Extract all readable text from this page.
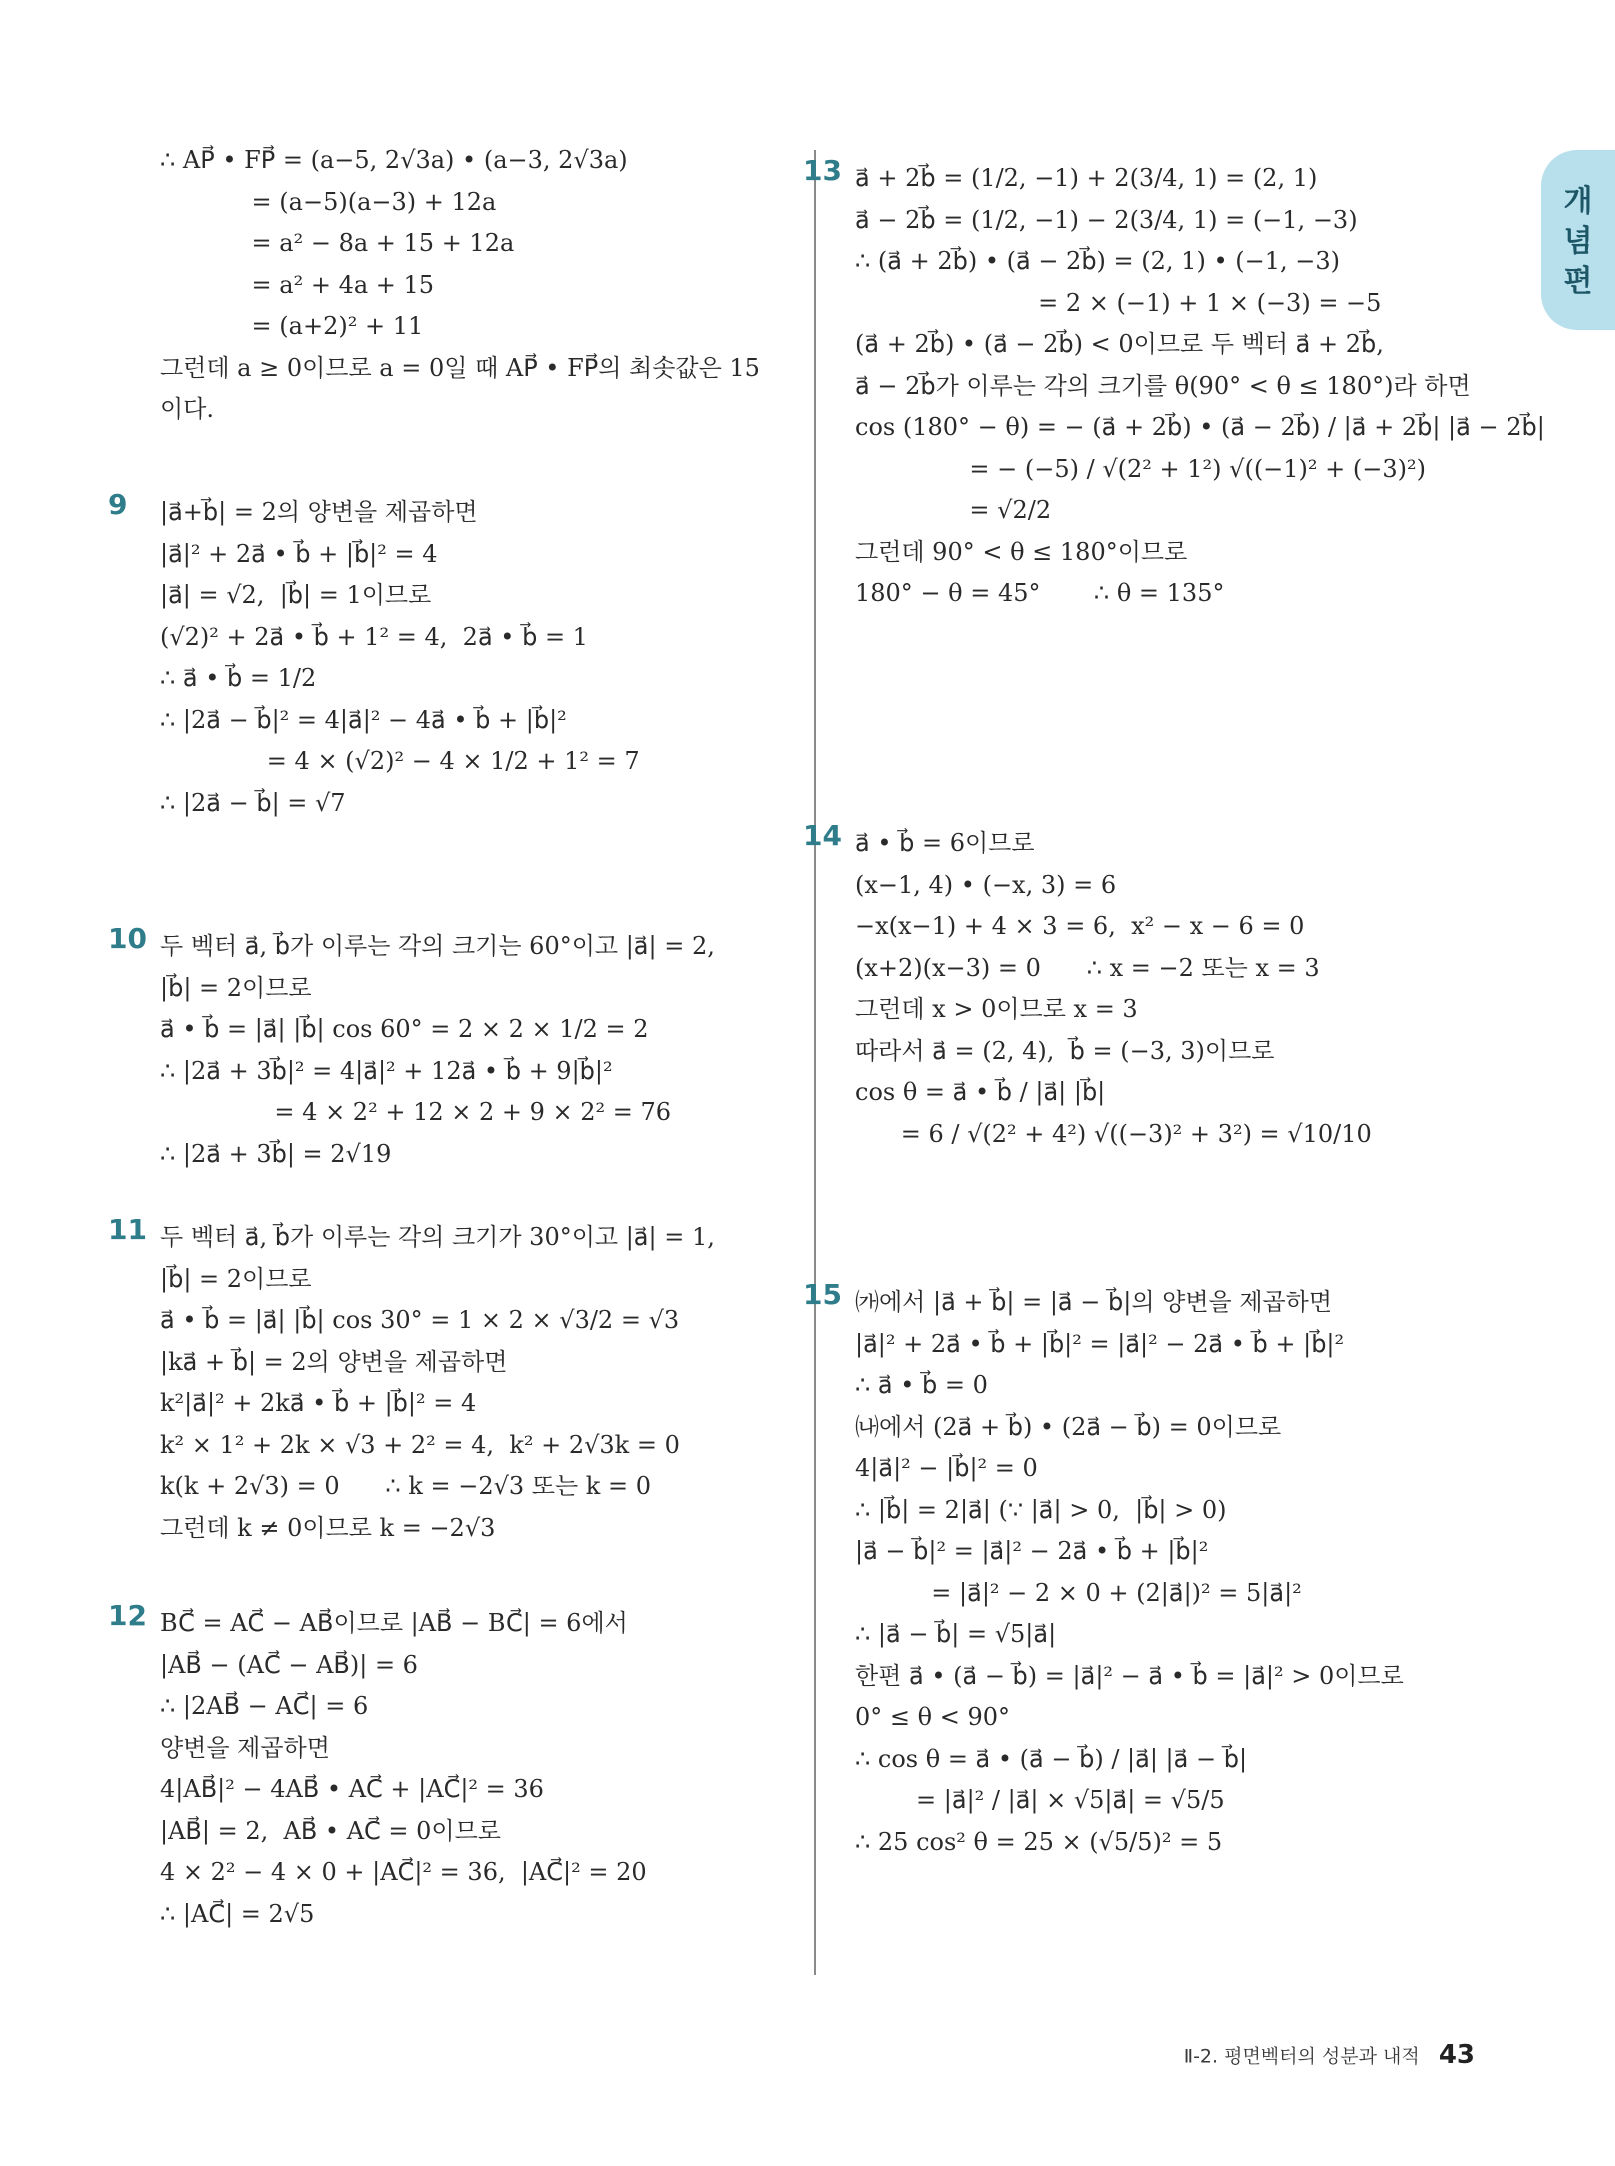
개
념
편
∴ AP⃗ • FP⃗ = (a−5, 2√3a) • (a−3, 2√3a)
= (a−5)(a−3) + 12a
= a² − 8a + 15 + 12a
= a² + 4a + 15
= (a+2)² + 11
그런데 a ≥ 0이므로 a = 0일 때 AP⃗ • FP⃗의 최솟값은 15
이다.
9	|a⃗+b⃗| = 2의 양변을 제곱하면
|a⃗|² + 2a⃗ • b⃗ + |b⃗|² = 4
|a⃗| = √2,  |b⃗| = 1이므로
(√2)² + 2a⃗ • b⃗ + 1² = 4,  2a⃗ • b⃗ = 1
∴ a⃗ • b⃗ = 1/2
∴ |2a⃗ − b⃗|² = 4|a⃗|² − 4a⃗ • b⃗ + |b⃗|²
= 4 × (√2)² − 4 × 1/2 + 1² = 7
∴ |2a⃗ − b⃗| = √7
10 두 벡터 a⃗, b⃗가 이루는 각의 크기는 60°이고 |a⃗| = 2,
|b⃗| = 2이므로
a⃗ • b⃗ = |a⃗| |b⃗| cos 60° = 2 × 2 × 1/2 = 2
∴ |2a⃗ + 3b⃗|² = 4|a⃗|² + 12a⃗ • b⃗ + 9|b⃗|²
= 4 × 2² + 12 × 2 + 9 × 2² = 76
∴ |2a⃗ + 3b⃗| = 2√19
11 두 벡터 a⃗, b⃗가 이루는 각의 크기가 30°이고 |a⃗| = 1,
|b⃗| = 2이므로
a⃗ • b⃗ = |a⃗| |b⃗| cos 30° = 1 × 2 × √3/2 = √3
|ka⃗ + b⃗| = 2의 양변을 제곱하면
k²|a⃗|² + 2ka⃗ • b⃗ + |b⃗|² = 4
k² × 1² + 2k × √3 + 2² = 4,  k² + 2√3k = 0
k(k + 2√3) = 0      ∴ k = −2√3 또는 k = 0
그런데 k ≠ 0이므로 k = −2√3
12 BC⃗ = AC⃗ − AB⃗이므로 |AB⃗ − BC⃗| = 6에서
|AB⃗ − (AC⃗ − AB⃗)| = 6
∴ |2AB⃗ − AC⃗| = 6
양변을 제곱하면
4|AB⃗|² − 4AB⃗ • AC⃗ + |AC⃗|² = 36
|AB⃗| = 2,  AB⃗ • AC⃗ = 0이므로
4 × 2² − 4 × 0 + |AC⃗|² = 36,  |AC⃗|² = 20
∴ |AC⃗| = 2√5
13 a⃗ + 2b⃗ = (1/2, −1) + 2(3/4, 1) = (2, 1)
a⃗ − 2b⃗ = (1/2, −1) − 2(3/4, 1) = (−1, −3)
∴ (a⃗ + 2b⃗) • (a⃗ − 2b⃗) = (2, 1) • (−1, −3)
= 2 × (−1) + 1 × (−3) = −5
(a⃗ + 2b⃗) • (a⃗ − 2b⃗) < 0이므로 두 벡터 a⃗ + 2b⃗,
a⃗ − 2b⃗가 이루는 각의 크기를 θ(90° < θ ≤ 180°)라 하면
cos (180° − θ) = − (a⃗ + 2b⃗) • (a⃗ − 2b⃗) / |a⃗ + 2b⃗| |a⃗ − 2b⃗|
= − (−5) / √(2² + 1²) √((−1)² + (−3)²)
= √2/2
그런데 90° < θ ≤ 180°이므로
180° − θ = 45°       ∴ θ = 135°
14 a⃗ • b⃗ = 6이므로
(x−1, 4) • (−x, 3) = 6
−x(x−1) + 4 × 3 = 6,  x² − x − 6 = 0
(x+2)(x−3) = 0      ∴ x = −2 또는 x = 3
그런데 x > 0이므로 x = 3
따라서 a⃗ = (2, 4),  b⃗ = (−3, 3)이므로
cos θ = a⃗ • b⃗ / |a⃗| |b⃗|
= 6 / √(2² + 4²) √((−3)² + 3²) = √10/10
15 ㈎에서 |a⃗ + b⃗| = |a⃗ − b⃗|의 양변을 제곱하면
|a⃗|² + 2a⃗ • b⃗ + |b⃗|² = |a⃗|² − 2a⃗ • b⃗ + |b⃗|²
∴ a⃗ • b⃗ = 0
㈏에서 (2a⃗ + b⃗) • (2a⃗ − b⃗) = 0이므로
4|a⃗|² − |b⃗|² = 0
∴ |b⃗| = 2|a⃗| (∵ |a⃗| > 0,  |b⃗| > 0)
|a⃗ − b⃗|² = |a⃗|² − 2a⃗ • b⃗ + |b⃗|²
= |a⃗|² − 2 × 0 + (2|a⃗|)² = 5|a⃗|²
∴ |a⃗ − b⃗| = √5|a⃗|
한편 a⃗ • (a⃗ − b⃗) = |a⃗|² − a⃗ • b⃗ = |a⃗|² > 0이므로
0° ≤ θ < 90°
∴ cos θ = a⃗ • (a⃗ − b⃗) / |a⃗| |a⃗ − b⃗|
= |a⃗|² / |a⃗| × √5|a⃗| = √5/5
∴ 25 cos² θ = 25 × (√5/5)² = 5
Ⅱ-2. 평면벡터의 성분과 내적 43
